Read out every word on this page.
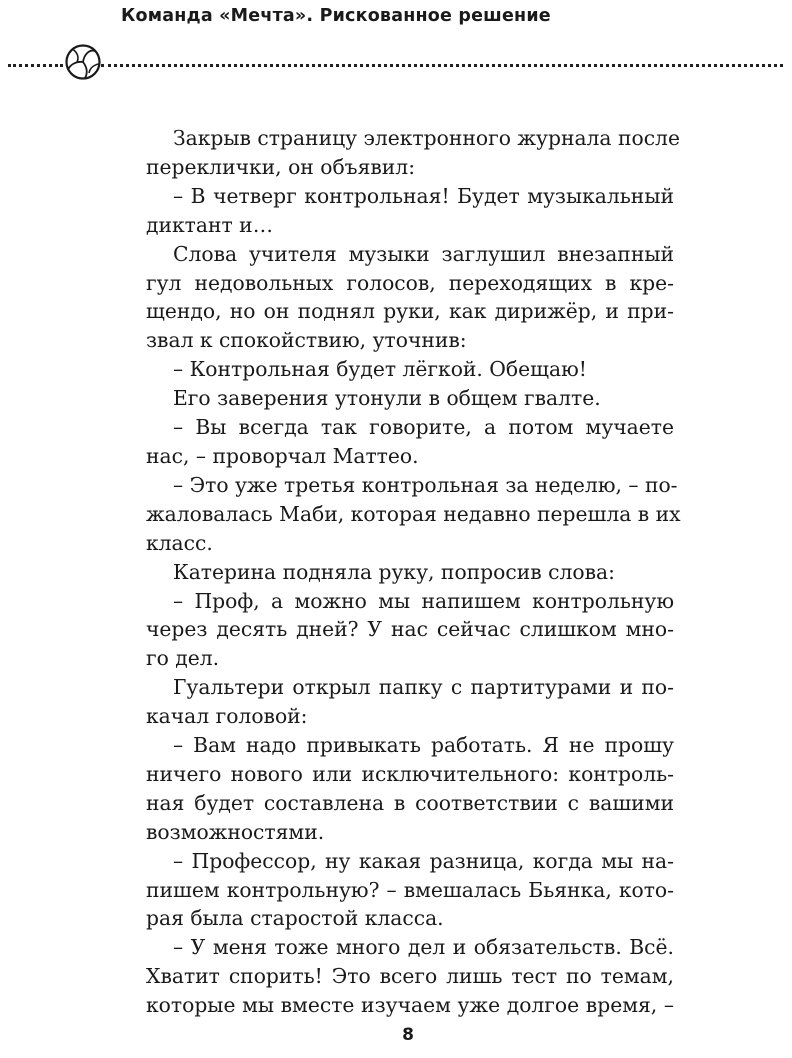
Команда «Мечта». Рискованное решение
Закрыв страницу электронного журнала после
переклички, он объявил:
– В четверг контрольная! Будет музыкальный
диктант и…
Слова учителя музыки заглушил внезапный
гул недовольных голосов, переходящих в кре-
щендо, но он поднял руки, как дирижёр, и при-
звал к спокойствию, уточнив:
– Контрольная будет лёгкой. Обещаю!
Его заверения утонули в общем гвалте.
– Вы всегда так говорите, а потом мучаете
нас, – проворчал Маттео.
– Это уже третья контрольная за неделю, – по-
жаловалась Маби, которая недавно перешла в их
класс.
Катерина подняла руку, попросив слова:
– Проф, а можно мы напишем контрольную
через десять дней? У нас сейчас слишком мно-
го дел.
Гуальтери открыл папку с партитурами и по-
качал головой:
– Вам надо привыкать работать. Я не прошу
ничего нового или исключительного: контроль-
ная будет составлена в соответствии с вашими
возможностями.
– Профессор, ну какая разница, когда мы на-
пишем контрольную? – вмешалась Бьянка, кото-
рая была старостой класса.
– У меня тоже много дел и обязательств. Всё.
Хватит спорить! Это всего лишь тест по темам,
которые мы вместе изучаем уже долгое время, –
8
